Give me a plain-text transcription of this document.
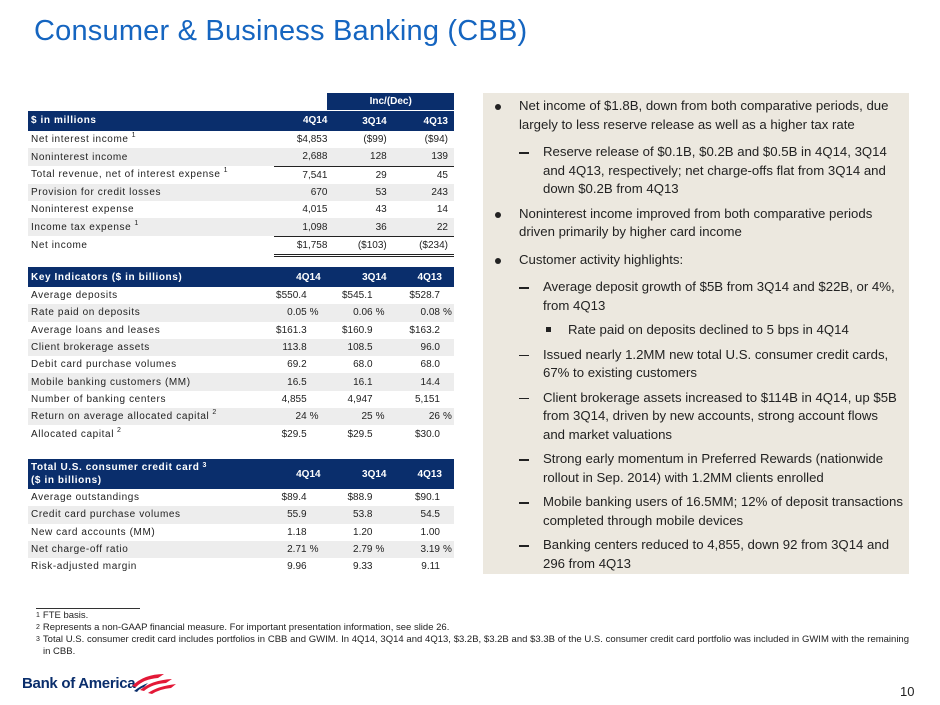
Consumer & Business Banking (CBB)
		Inc/(Dec)	
$ in millions	4Q14	3Q14	4Q13
Net interest income $^1$	$4,853	($99)	($94)
Noninterest income	2,688	128	139
Total revenue, net of interest expense $^1$	7,541	29	45
Provision for credit losses	670	53	243
Noninterest expense	4,015	43	14
Income tax expense $^1$	1,098	36	22
Net income	$1,758	($103)	($234)
Key Indicators ($ in billions)	4Q14	3Q14	4Q13
Average deposits	$550.4	$545.1	$528.7
Rate paid on deposits	0.05 %	0.06 %	0.08 %
Average loans and leases	$161.3	$160.9	$163.2
Client brokerage assets	113.8	108.5	96.0
Debit card purchase volumes	69.2	68.0	68.0
Mobile banking customers (MM)	16.5	16.1	14.4
Number of banking centers	4,855	4,947	5,151
Return on average allocated capital $^2$	24 %	25 %	26 %
Allocated capital $^2$	$29.5	$29.5	$30.0
Total U.S. consumer credit card $^3$
($ in billions)	4Q14	3Q14	4Q13
Average outstandings	$89.4	$88.9	$90.1
Credit card purchase volumes	55.9	53.8	54.5
New card accounts (MM)	1.18	1.20	1.00
Net charge-off ratio	2.71 %	2.79 %	3.19 %
Risk-adjusted margin	9.96	9.33	9.11
Net income of $1.8B, down from both comparative periods, due largely to less reserve release as well as a higher tax rate
Reserve release of $0.1B, $0.2B and $0.5B in 4Q14, 3Q14 and 4Q13, respectively; net charge-offs flat from 3Q14 and down $0.2B from 4Q13
Noninterest income improved from both comparative periods driven primarily by higher card income
Customer activity highlights:
Average deposit growth of $5B from 3Q14 and $22B, or 4%, from 4Q13
Rate paid on deposits declined to 5 bps in 4Q14
Issued nearly 1.2MM new total U.S. consumer credit cards, 67% to existing customers
Client brokerage assets increased to $114B in 4Q14, up $5B from 3Q14, driven by new accounts, strong account flows and market valuations
Strong early momentum in Preferred Rewards (nationwide rollout in Sep. 2014) with 1.2MM clients enrolled
Mobile banking users of 16.5MM; 12% of deposit transactions completed through mobile devices
Banking centers reduced to 4,855, down 92 from 3Q14 and 296 from 4Q13
$^1$ FTE basis.
$^2$ Represents a non-GAAP financial measure. For important presentation information, see slide 26.
$^3$ Total U.S. consumer credit card includes portfolios in CBB and GWIM. In 4Q14, 3Q14 and 4Q13, $3.2B, $3.2B and $3.3B of the U.S. consumer credit card portfolio was included in GWIM with the remaining in CBB.
Bank of America	10
